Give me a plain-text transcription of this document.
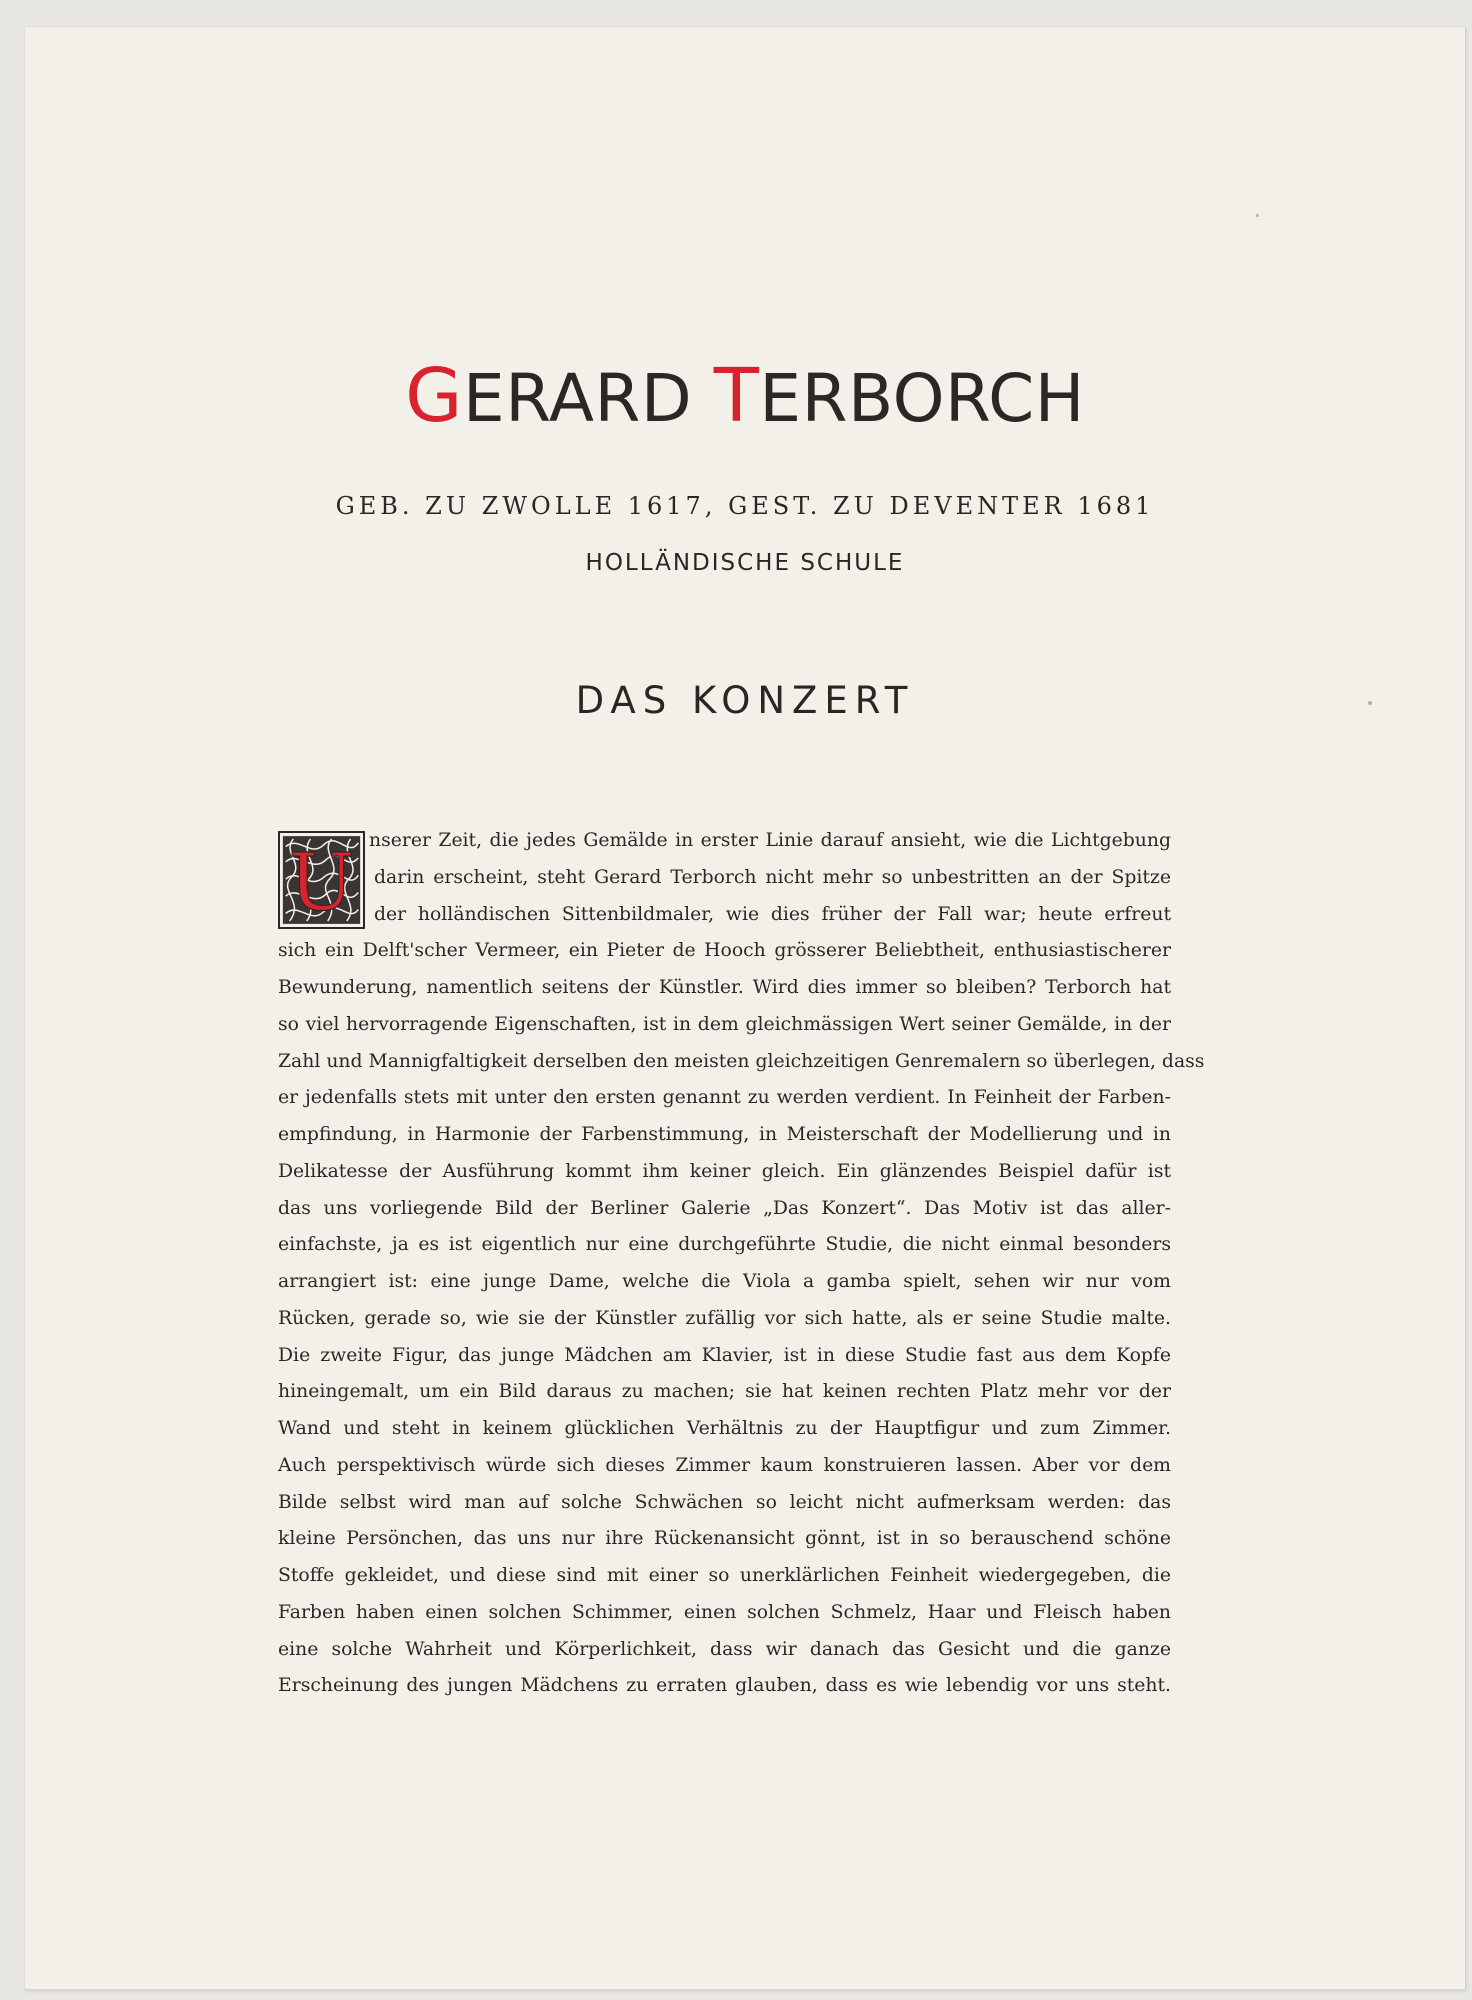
GERARD TERBORCH
GEB. ZU ZWOLLE 1617, GEST. ZU DEVENTER 1681
HOLLÄNDISCHE SCHULE
DAS KONZERT
U nserer Zeit, die jedes Gemälde in erster Linie darauf ansieht, wie die Lichtgebung
darin erscheint, steht Gerard Terborch nicht mehr so unbestritten an der Spitze
der holländischen Sittenbildmaler, wie dies früher der Fall war; heute erfreut
sich ein Delft'scher Vermeer, ein Pieter de Hooch grösserer Beliebtheit, enthusiastischerer
Bewunderung, namentlich seitens der Künstler. Wird dies immer so bleiben? Terborch hat
so viel hervorragende Eigenschaften, ist in dem gleichmässigen Wert seiner Gemälde, in der
Zahl und Mannigfaltigkeit derselben den meisten gleichzeitigen Genremalern so überlegen, dass
er jedenfalls stets mit unter den ersten genannt zu werden verdient. In Feinheit der Farben-
empfindung, in Harmonie der Farbenstimmung, in Meisterschaft der Modellierung und in
Delikatesse der Ausführung kommt ihm keiner gleich. Ein glänzendes Beispiel dafür ist
das uns vorliegende Bild der Berliner Galerie „Das Konzert“. Das Motiv ist das aller-
einfachste, ja es ist eigentlich nur eine durchgeführte Studie, die nicht einmal besonders
arrangiert ist: eine junge Dame, welche die Viola a gamba spielt, sehen wir nur vom
Rücken, gerade so, wie sie der Künstler zufällig vor sich hatte, als er seine Studie malte.
Die zweite Figur, das junge Mädchen am Klavier, ist in diese Studie fast aus dem Kopfe
hineingemalt, um ein Bild daraus zu machen; sie hat keinen rechten Platz mehr vor der
Wand und steht in keinem glücklichen Verhältnis zu der Hauptfigur und zum Zimmer.
Auch perspektivisch würde sich dieses Zimmer kaum konstruieren lassen. Aber vor dem
Bilde selbst wird man auf solche Schwächen so leicht nicht aufmerksam werden: das
kleine Persönchen, das uns nur ihre Rückenansicht gönnt, ist in so berauschend schöne
Stoffe gekleidet, und diese sind mit einer so unerklärlichen Feinheit wiedergegeben, die
Farben haben einen solchen Schimmer, einen solchen Schmelz, Haar und Fleisch haben
eine solche Wahrheit und Körperlichkeit, dass wir danach das Gesicht und die ganze
Erscheinung des jungen Mädchens zu erraten glauben, dass es wie lebendig vor uns steht.
